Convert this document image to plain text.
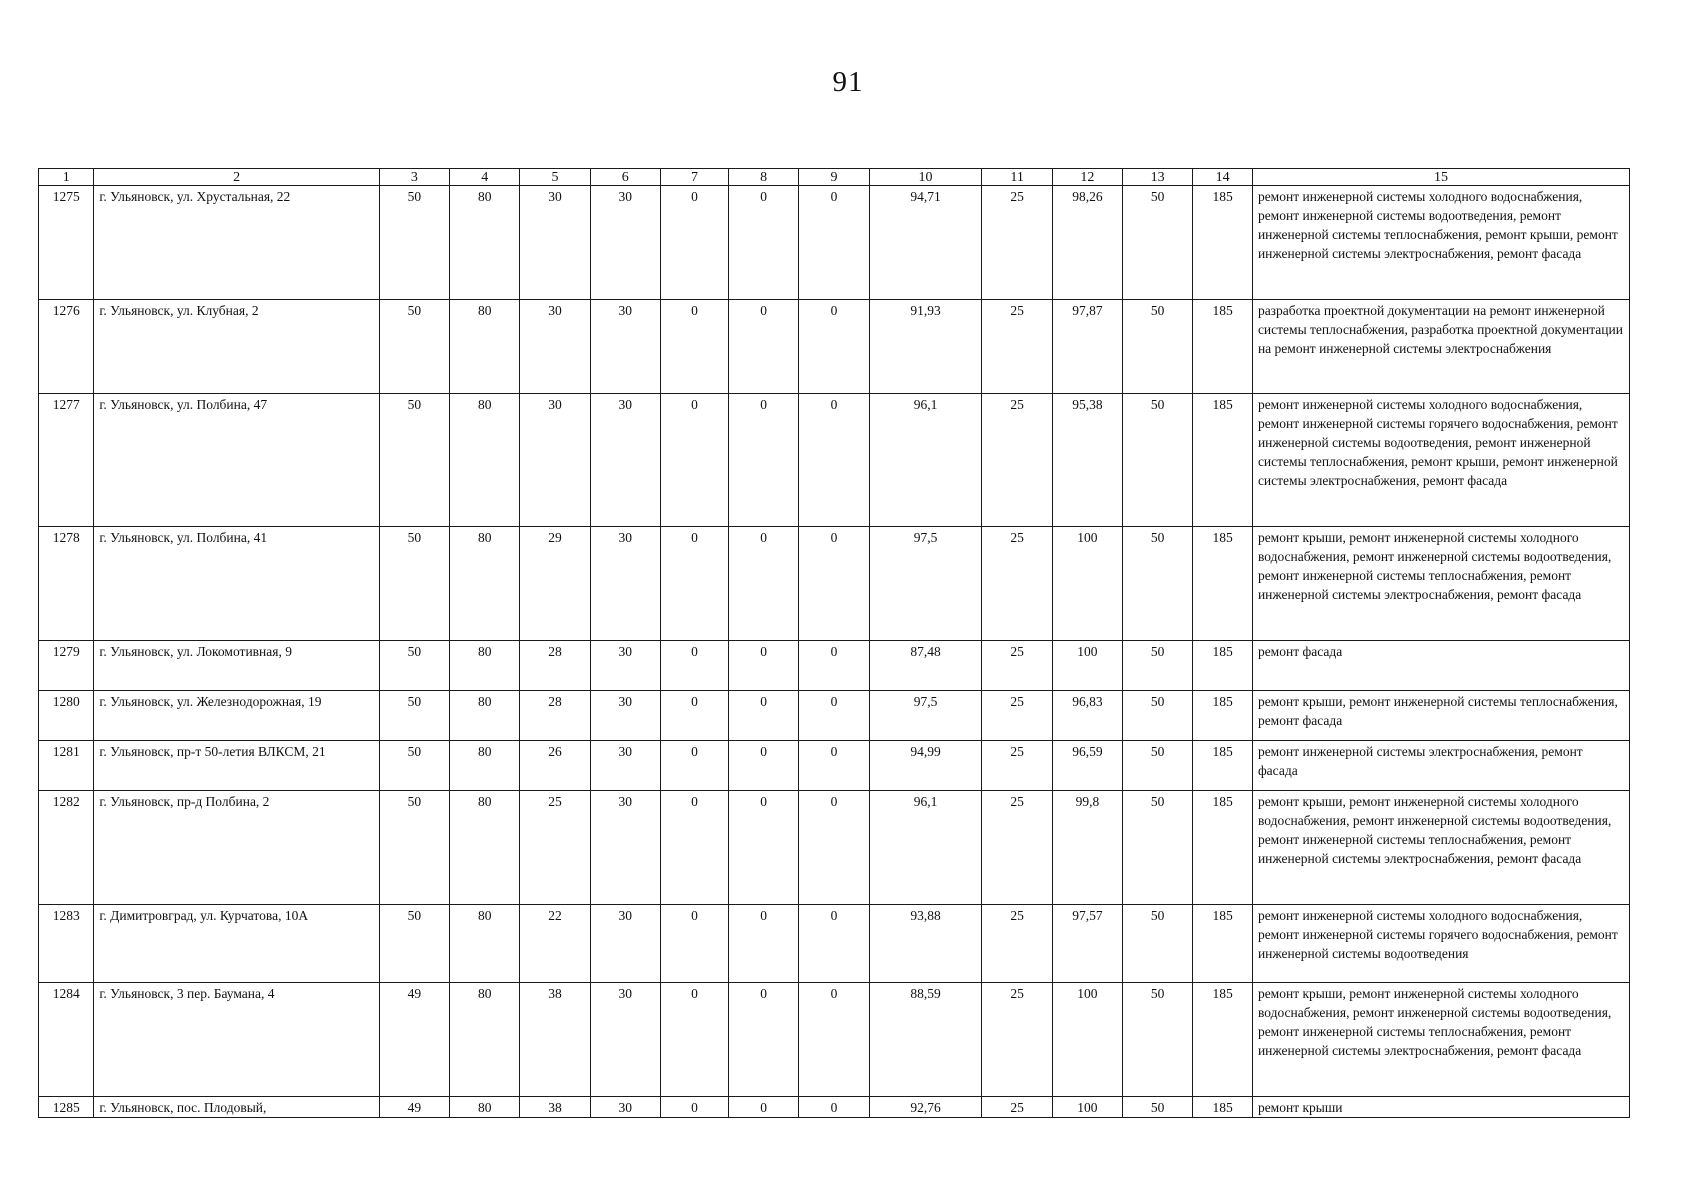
91
1	2	3	4	5	6	7	8	9	10	11	12	13	14	15
1275	г. Ульяновск, ул. Хрустальная, 22	50	80	30	30	0	0	0	94,71	25	98,26	50	185	ремонт инженерной системы холодного водоснабжения, ремонт инженерной системы водоотведения, ремонт инженерной системы теплоснабжения, ремонт крыши, ремонт инженерной системы электроснабжения, ремонт фасада
1276	г. Ульяновск, ул. Клубная, 2	50	80	30	30	0	0	0	91,93	25	97,87	50	185	разработка проектной документации на ремонт инженерной системы теплоснабжения, разработка проектной документации на ремонт инженерной системы электроснабжения
1277	г. Ульяновск, ул. Полбина, 47	50	80	30	30	0	0	0	96,1	25	95,38	50	185	ремонт инженерной системы холодного водоснабжения, ремонт инженерной системы горячего водоснабжения, ремонт инженерной системы водоотведения, ремонт инженерной системы теплоснабжения, ремонт крыши, ремонт инженерной системы электроснабжения, ремонт фасада
1278	г. Ульяновск, ул. Полбина, 41	50	80	29	30	0	0	0	97,5	25	100	50	185	ремонт крыши, ремонт инженерной системы холодного водоснабжения, ремонт инженерной системы водоотведения, ремонт инженерной системы теплоснабжения, ремонт инженерной системы электроснабжения, ремонт фасада
1279	г. Ульяновск, ул. Локомотивная, 9	50	80	28	30	0	0	0	87,48	25	100	50	185	ремонт фасада
1280	г. Ульяновск, ул. Железнодорожная, 19	50	80	28	30	0	0	0	97,5	25	96,83	50	185	ремонт крыши, ремонт инженерной системы теплоснабжения, ремонт фасада
1281	г. Ульяновск, пр-т 50-летия ВЛКСМ, 21	50	80	26	30	0	0	0	94,99	25	96,59	50	185	ремонт инженерной системы электроснабжения, ремонт фасада
1282	г. Ульяновск, пр-д Полбина, 2	50	80	25	30	0	0	0	96,1	25	99,8	50	185	ремонт крыши, ремонт инженерной системы холодного водоснабжения, ремонт инженерной системы водоотведения, ремонт инженерной системы теплоснабжения, ремонт инженерной системы электроснабжения, ремонт фасада
1283	г. Димитровград, ул. Курчатова, 10А	50	80	22	30	0	0	0	93,88	25	97,57	50	185	ремонт инженерной системы холодного водоснабжения, ремонт инженерной системы горячего водоснабжения, ремонт инженерной системы водоотведения
1284	г. Ульяновск, 3 пер. Баумана, 4	49	80	38	30	0	0	0	88,59	25	100	50	185	ремонт крыши, ремонт инженерной системы холодного водоснабжения, ремонт инженерной системы водоотведения, ремонт инженерной системы теплоснабжения, ремонт инженерной системы электроснабжения, ремонт фасада
1285	г. Ульяновск, пос. Плодовый,	49	80	38	30	0	0	0	92,76	25	100	50	185	ремонт крыши
